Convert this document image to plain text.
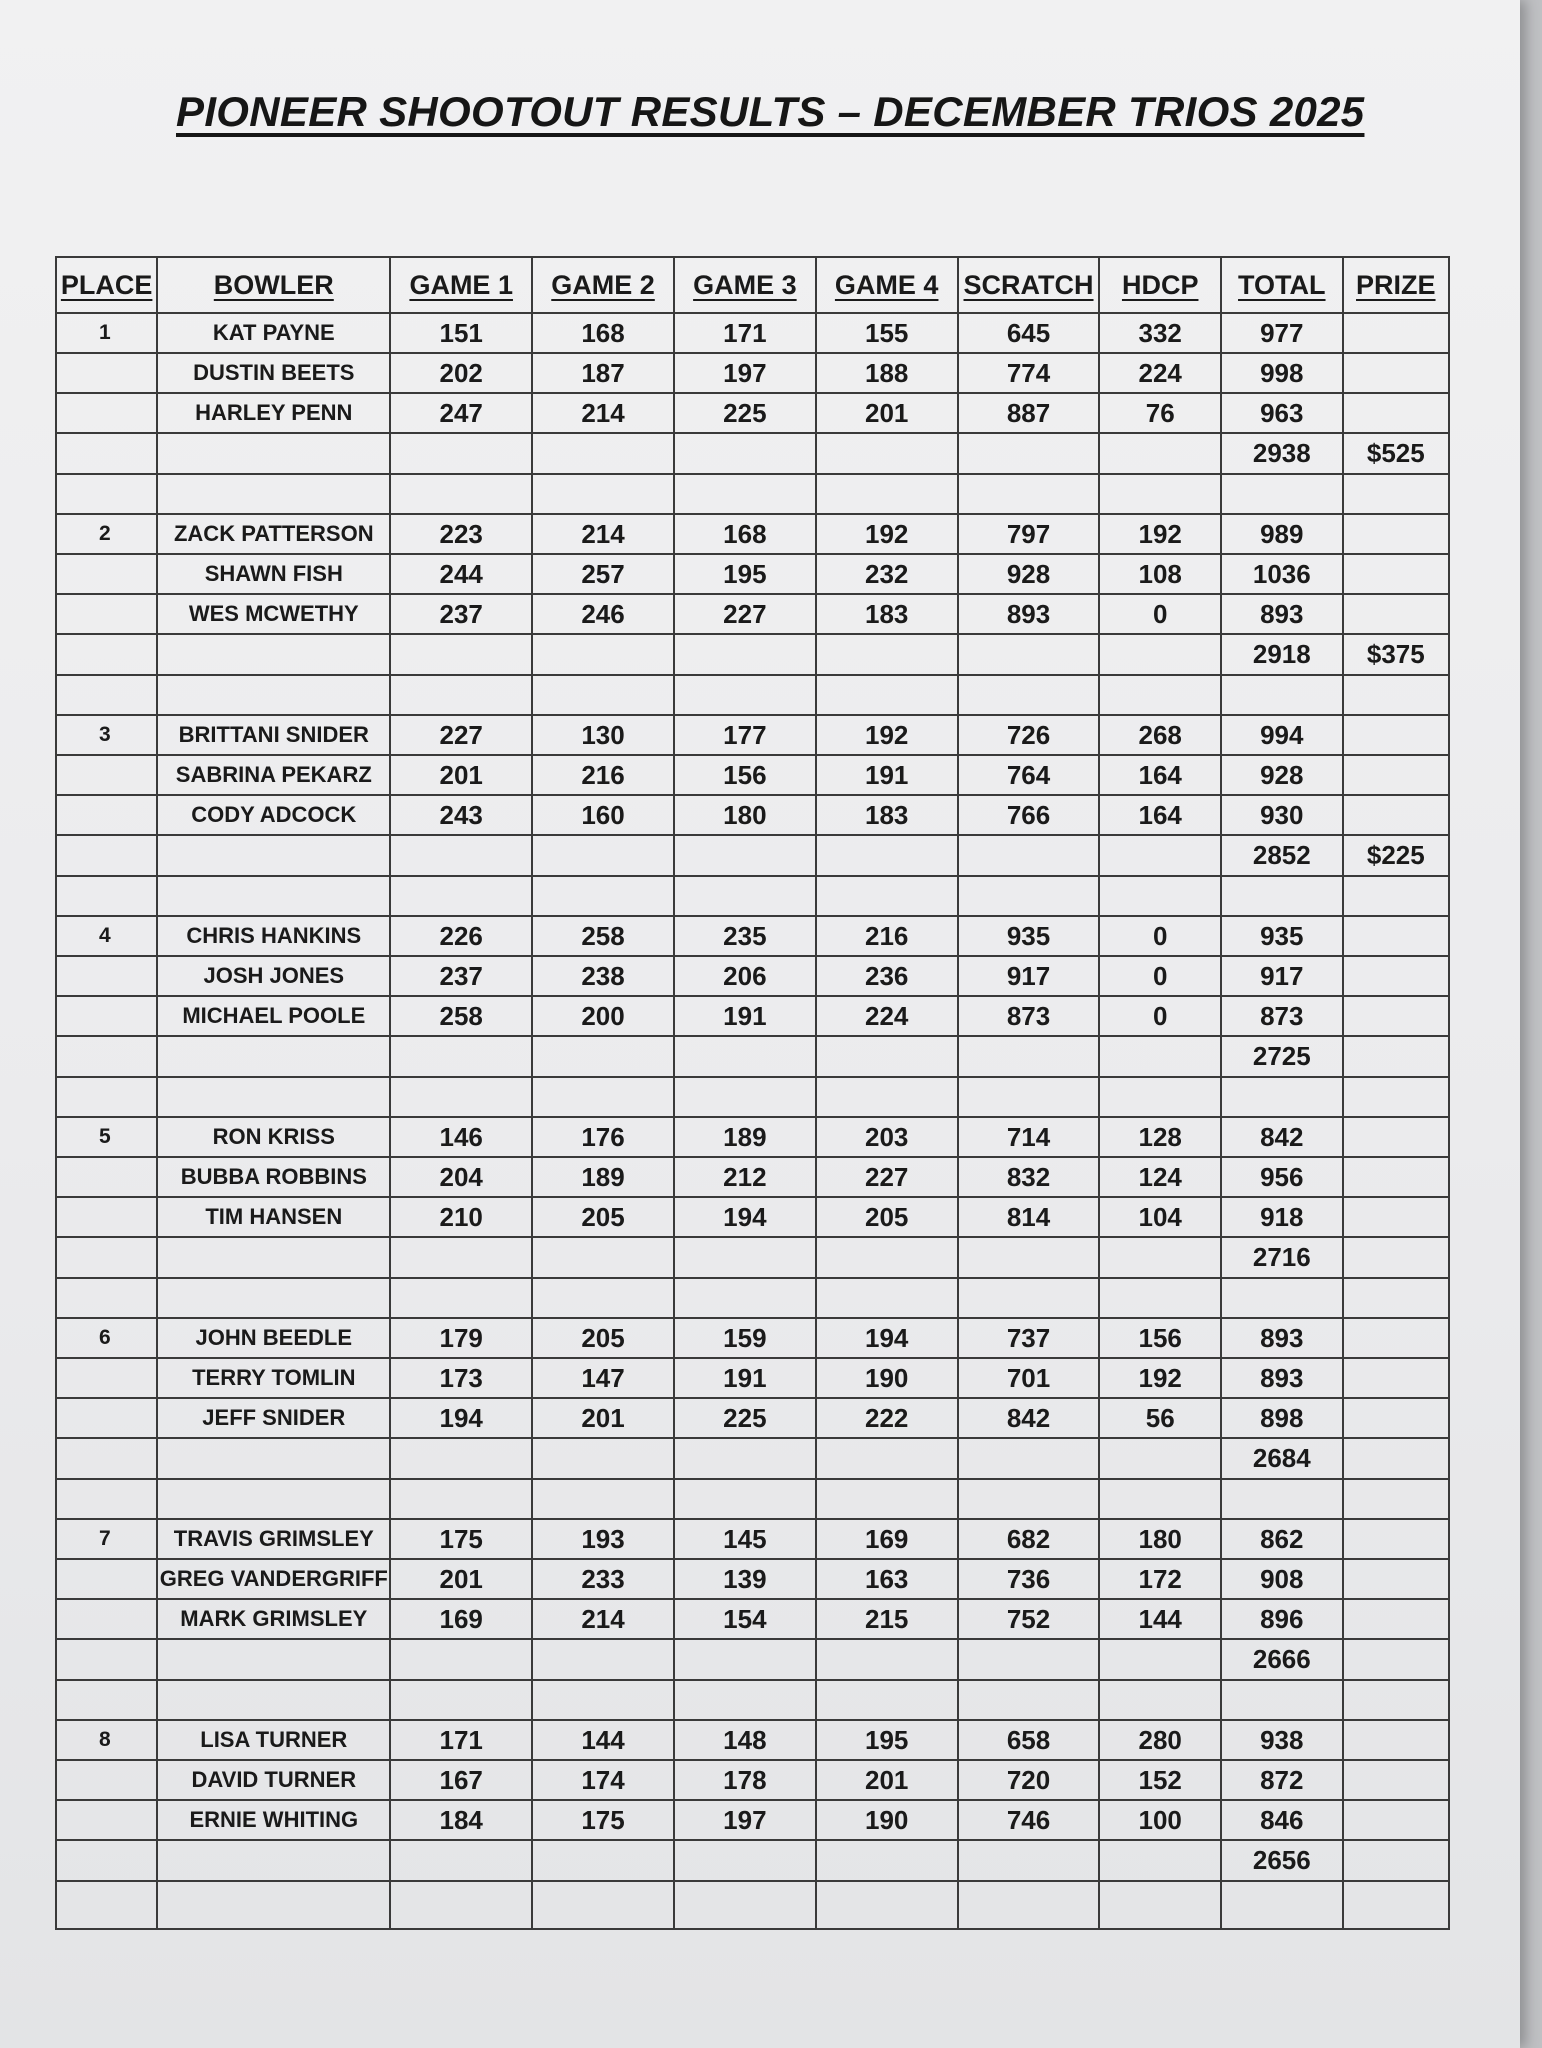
PIONEER SHOOTOUT RESULTS – DECEMBER TRIOS 2025
PLACE	BOWLER	GAME 1	GAME 2	GAME 3	GAME 4	SCRATCH	HDCP	TOTAL	PRIZE
1	KAT PAYNE	151	168	171	155	645	332	977	
	DUSTIN BEETS	202	187	197	188	774	224	998	
	HARLEY PENN	247	214	225	201	887	76	963	
								2938	$525

2	ZACK PATTERSON	223	214	168	192	797	192	989	
	SHAWN FISH	244	257	195	232	928	108	1036	
	WES MCWETHY	237	246	227	183	893	0	893	
								2918	$375

3	BRITTANI SNIDER	227	130	177	192	726	268	994	
	SABRINA PEKARZ	201	216	156	191	764	164	928	
	CODY ADCOCK	243	160	180	183	766	164	930	
								2852	$225

4	CHRIS HANKINS	226	258	235	216	935	0	935	
	JOSH JONES	237	238	206	236	917	0	917	
	MICHAEL POOLE	258	200	191	224	873	0	873	
								2725	

5	RON KRISS	146	176	189	203	714	128	842	
	BUBBA ROBBINS	204	189	212	227	832	124	956	
	TIM HANSEN	210	205	194	205	814	104	918	
								2716	

6	JOHN BEEDLE	179	205	159	194	737	156	893	
	TERRY TOMLIN	173	147	191	190	701	192	893	
	JEFF SNIDER	194	201	225	222	842	56	898	
								2684	

7	TRAVIS GRIMSLEY	175	193	145	169	682	180	862	
	GREG VANDERGRIFF	201	233	139	163	736	172	908	
	MARK GRIMSLEY	169	214	154	215	752	144	896	
								2666	

8	LISA TURNER	171	144	148	195	658	280	938	
	DAVID TURNER	167	174	178	201	720	152	872	
	ERNIE WHITING	184	175	197	190	746	100	846	
								2656	
